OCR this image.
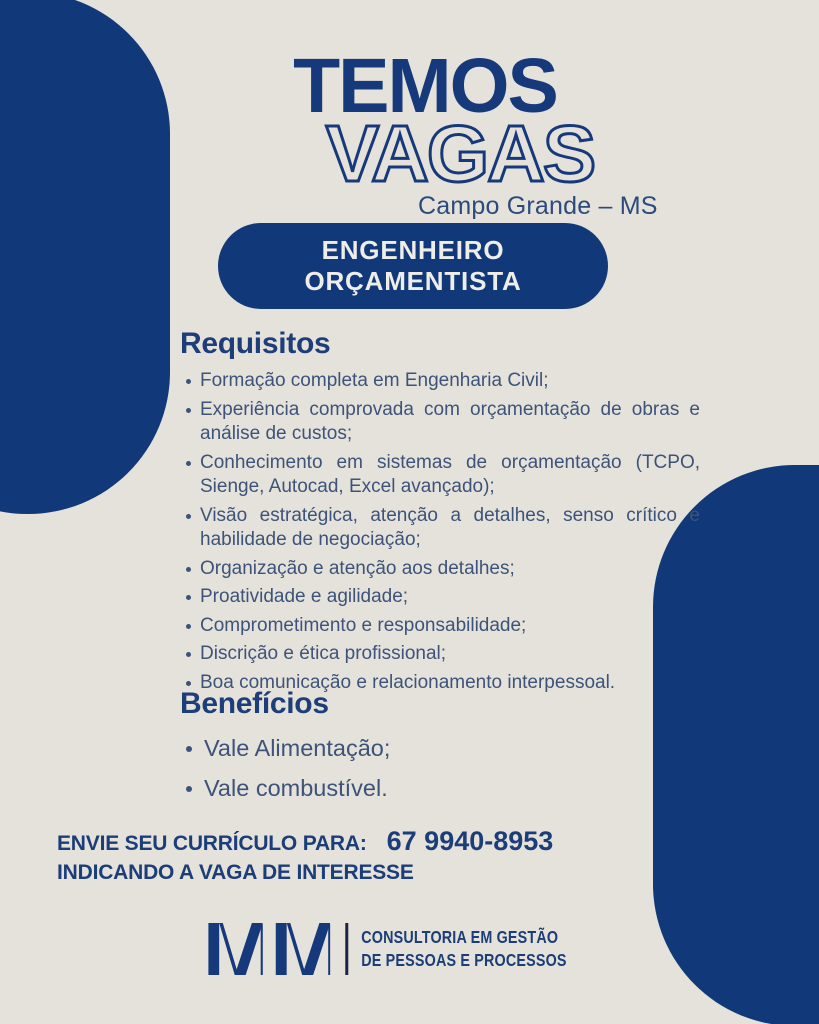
TEMOS
VAGAS
Campo Grande – MS
ENGENHEIRO
ORÇAMENTISTA
Requisitos
Formação completa em Engenharia Civil;
Experiência comprovada com orçamentação de obras e análise de custos;
Conhecimento em sistemas de orçamentação (TCPO, Sienge, Autocad, Excel avançado);
Visão estratégica, atenção a detalhes, senso crítico e habilidade de negociação;
Organização e atenção aos detalhes;
Proatividade e agilidade;
Comprometimento e responsabilidade;
Discrição e ética profissional;
Boa comunicação e relacionamento interpessoal.
Benefícios
Vale Alimentação;
Vale combustível.
ENVIE SEU CURRÍCULO PARA: 67 9940-8953
INDICANDO A VAGA DE INTERESSE
CONSULTORIA EM GESTÃO
DE PESSOAS E PROCESSOS
